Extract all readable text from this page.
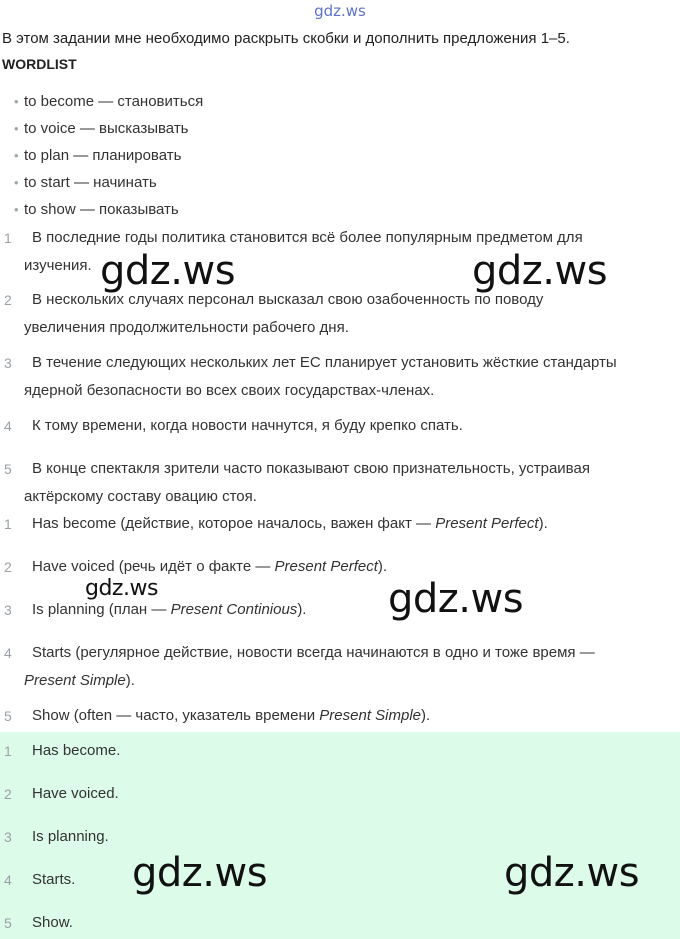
gdz.ws
В этом задании мне необходимо раскрыть скобки и дополнить предложения 1–5.
WORDLIST
• to become — становиться
• to voice — высказывать
• to plan — планировать
• to start — начинать
• to show — показывать
1	В последние годы политика становится всё более популярным предметом для
изучения.
2	В нескольких случаях персонал высказал свою озабоченность по поводу
увеличения продолжительности рабочего дня.
3	В течение следующих нескольких лет ЕС планирует установить жёсткие стандарты
ядерной безопасности во всех своих государствах-членах.
4	К тому времени, когда новости начнутся, я буду крепко спать.
5	В конце спектакля зрители часто показывают свою признательность, устраивая
актёрскому составу овацию стоя.
1	Has become (действие, которое началось, важен факт — Present Perfect).
2	Have voiced (речь идёт о факте — Present Perfect).
3	Is planning (план — Present Continious).
4	Starts (регулярное действие, новости всегда начинаются в одно и тоже время —
Present Simple).
5	Show (often — часто, указатель времени Present Simple).
1	Has become.
2	Have voiced.
3	Is planning.
4	Starts.
5	Show.
gdz.ws	gdz.ws
gdz.ws	gdz.ws
gdz.ws	gdz.ws
